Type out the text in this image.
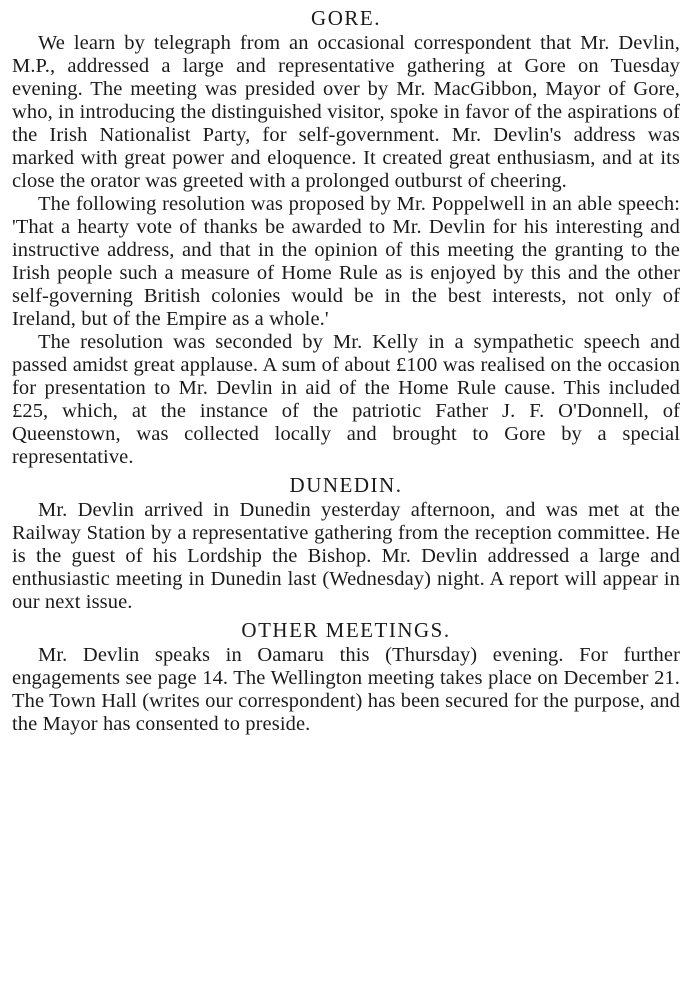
GORE.

We learn by telegraph from an occasional correspondent that Mr. Devlin, M.P., addressed a large and representative gathering at Gore on Tuesday evening. The meeting was presided over by Mr. MacGibbon, Mayor of Gore, who, in introducing the distinguished visitor, spoke in favor of the aspirations of the Irish Nationalist Party, for self-government. Mr. Devlin's address was marked with great power and eloquence. It created great enthusiasm, and at its close the orator was greeted with a prolonged outburst of cheering.

The following resolution was proposed by Mr. Poppelwell in an able speech: 'That a hearty vote of thanks be awarded to Mr. Devlin for his interesting and instructive address, and that in the opinion of this meeting the granting to the Irish people such a measure of Home Rule as is enjoyed by this and the other self-governing British colonies would be in the best interests, not only of Ireland, but of the Empire as a whole.'

The resolution was seconded by Mr. Kelly in a sympathetic speech and passed amidst great applause. A sum of about £100 was realised on the occasion for presentation to Mr. Devlin in aid of the Home Rule cause. This included £25, which, at the instance of the patriotic Father J. F. O'Donnell, of Queenstown, was collected locally and brought to Gore by a special representative.

DUNEDIN.

Mr. Devlin arrived in Dunedin yesterday afternoon, and was met at the Railway Station by a representative gathering from the reception committee. He is the guest of his Lordship the Bishop. Mr. Devlin addressed a large and enthusiastic meeting in Dunedin last (Wednesday) night. A report will appear in our next issue.

OTHER MEETINGS.

Mr. Devlin speaks in Oamaru this (Thursday) evening. For further engagements see page 14. The Wellington meeting takes place on December 21. The Town Hall (writes our correspondent) has been secured for the purpose, and the Mayor has consented to preside.
